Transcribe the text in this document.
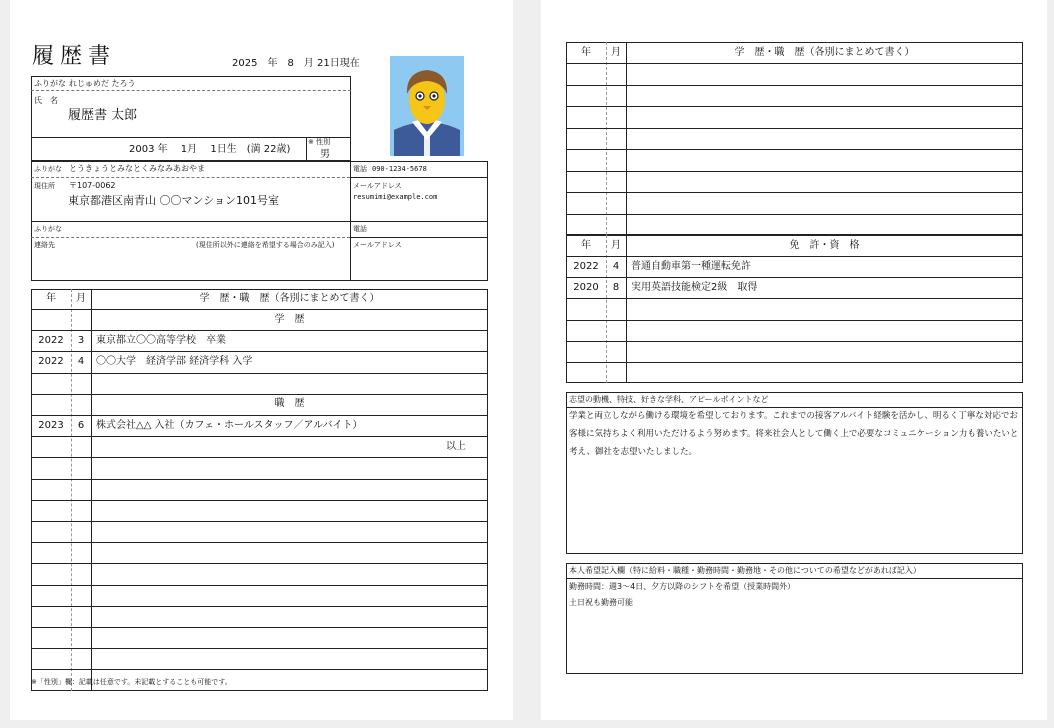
履歴書	2025　年　8　月 21日現在
ふりがな れじゅめだ たろう
氏　名
履歴書 太郎
2003 年　 1月　 1日生　(満 22歳)
※ 性別
男
ふりがな とうきょうとみなとくみなみあおやま
現住所 〒107-0062
東京都港区南青山 〇〇マンション101号室
電話 090-1234-5678
メールアドレス
resumimi@example.com
ふりがな
連絡先	(現住所以外に連絡を希望する場合のみ記入)
電話
メールアドレス
年	月	学　歴・職　歴（各別にまとめて書く）
学　歴
2022	3	東京都立〇〇高等学校　卒業
2022	4	〇〇大学　経済学部 経済学科 入学
職　歴
2023	6	株式会社△△ 入社（カフェ・ホールスタッフ／アルバイト）
以上
※「性別」欄：記載は任意です。未記載とすることも可能です。
年	月	学　歴・職　歴（各別にまとめて書く）
年	月	免　許・資　格
2022	4	普通自動車第一種運転免許
2020	8	実用英語技能検定2級　取得
志望の動機、特技、好きな学科、アピールポイントなど
学業と両立しながら働ける環境を希望しております。これまでの接客アルバイト経験を活かし、明るく丁寧な対応でお客様に気持ちよく利用いただけるよう努めます。将来社会人として働く上で必要なコミュニケーション力も養いたいと考え、御社を志望いたしました。
本人希望記入欄（特に給料・職種・勤務時間・勤務地・その他についての希望などがあれば記入）
勤務時間：週3〜4日、夕方以降のシフトを希望（授業時間外）
土日祝も勤務可能
